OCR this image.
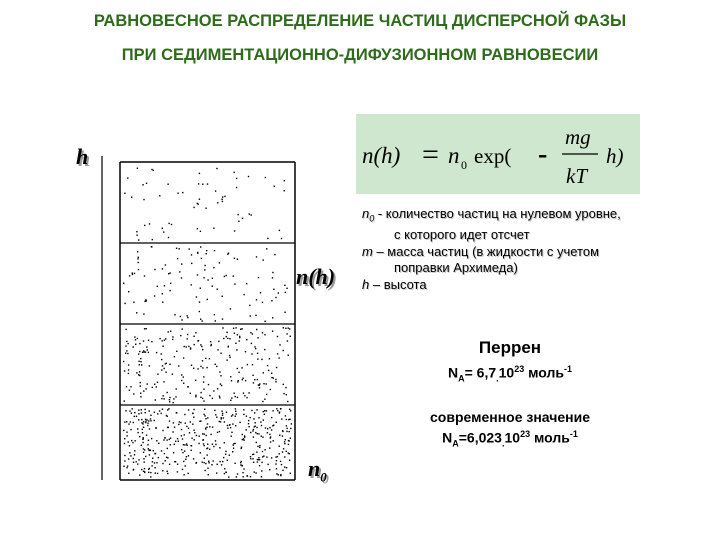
РАВНОВЕСНОЕ РАСПРЕДЕЛЕНИЕ ЧАСТИЦ ДИСПЕРСНОЙ ФАЗЫ
ПРИ СЕДИМЕНТАЦИОННО-ДИФУЗИОННОМ РАВНОВЕСИИ
h
n(h)
$n_0$
n(h) = n 0 exp( -
mg
kT
h)
$n_0$ - количество частиц на нулевом уровне,
с которого идет отсчет
m – масса частиц (в жидкости с учетом
поправки Архимеда)
h – высота
Перрен
$N_A= 6,7_.10^{23}$ моль$^{-1}$
современное значение
$N_A=6,023_.10^{23}$ моль$^{-1}$
